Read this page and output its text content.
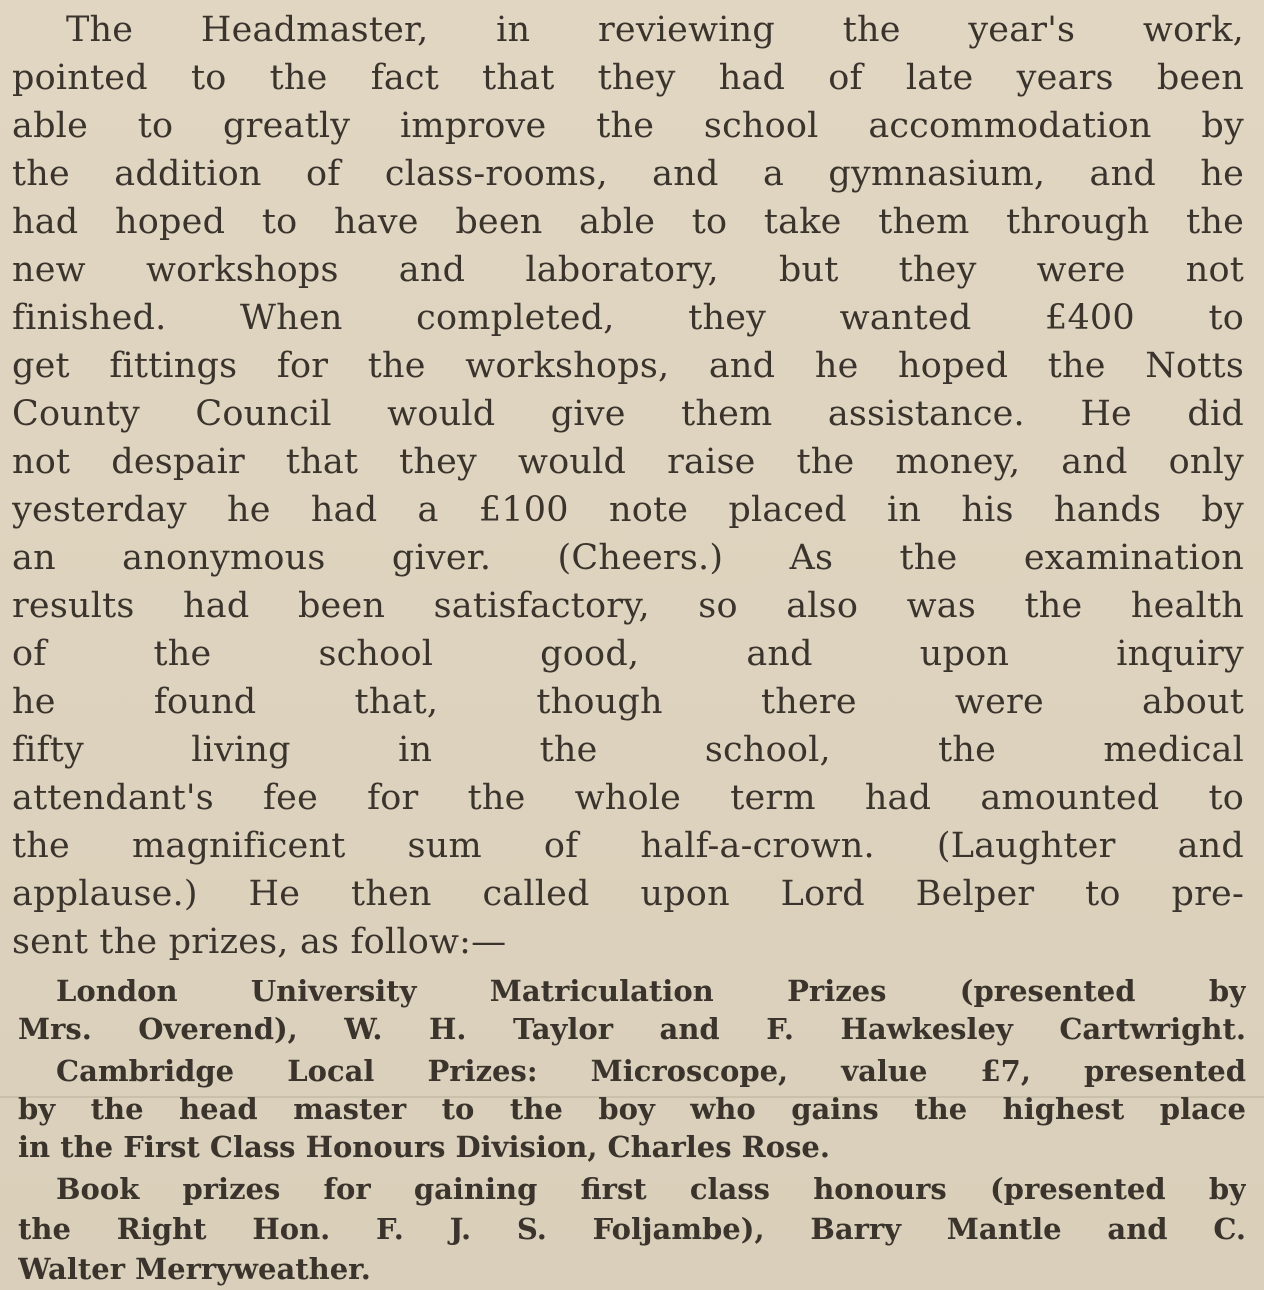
The Headmaster, in reviewing the year's work,
pointed to the fact that they had of late years been
able to greatly improve the school accommodation by
the addition of class-rooms, and a gymnasium, and he
had hoped to have been able to take them through the
new workshops and laboratory, but they were not
finished. When completed, they wanted £400 to
get fittings for the workshops, and he hoped the Notts
County Council would give them assistance. He did
not despair that they would raise the money, and only
yesterday he had a £100 note placed in his hands by
an anonymous giver. (Cheers.) As the examination
results had been satisfactory, so also was the health
of the school good, and upon inquiry
he found that, though there were about
fifty living in the school, the medical
attendant's fee for the whole term had amounted to
the magnificent sum of half-a-crown. (Laughter and
applause.) He then called upon Lord Belper to pre-
sent the prizes, as follow:—
London University Matriculation Prizes (presented by
Mrs. Overend), W. H. Taylor and F. Hawkesley Cartwright.
Cambridge Local Prizes: Microscope, value £7, presented
by the head master to the boy who gains the highest place
in the First Class Honours Division, Charles Rose.
Book prizes for gaining first class honours (presented by
the Right Hon. F. J. S. Foljambe), Barry Mantle and C.
Walter Merryweather.
